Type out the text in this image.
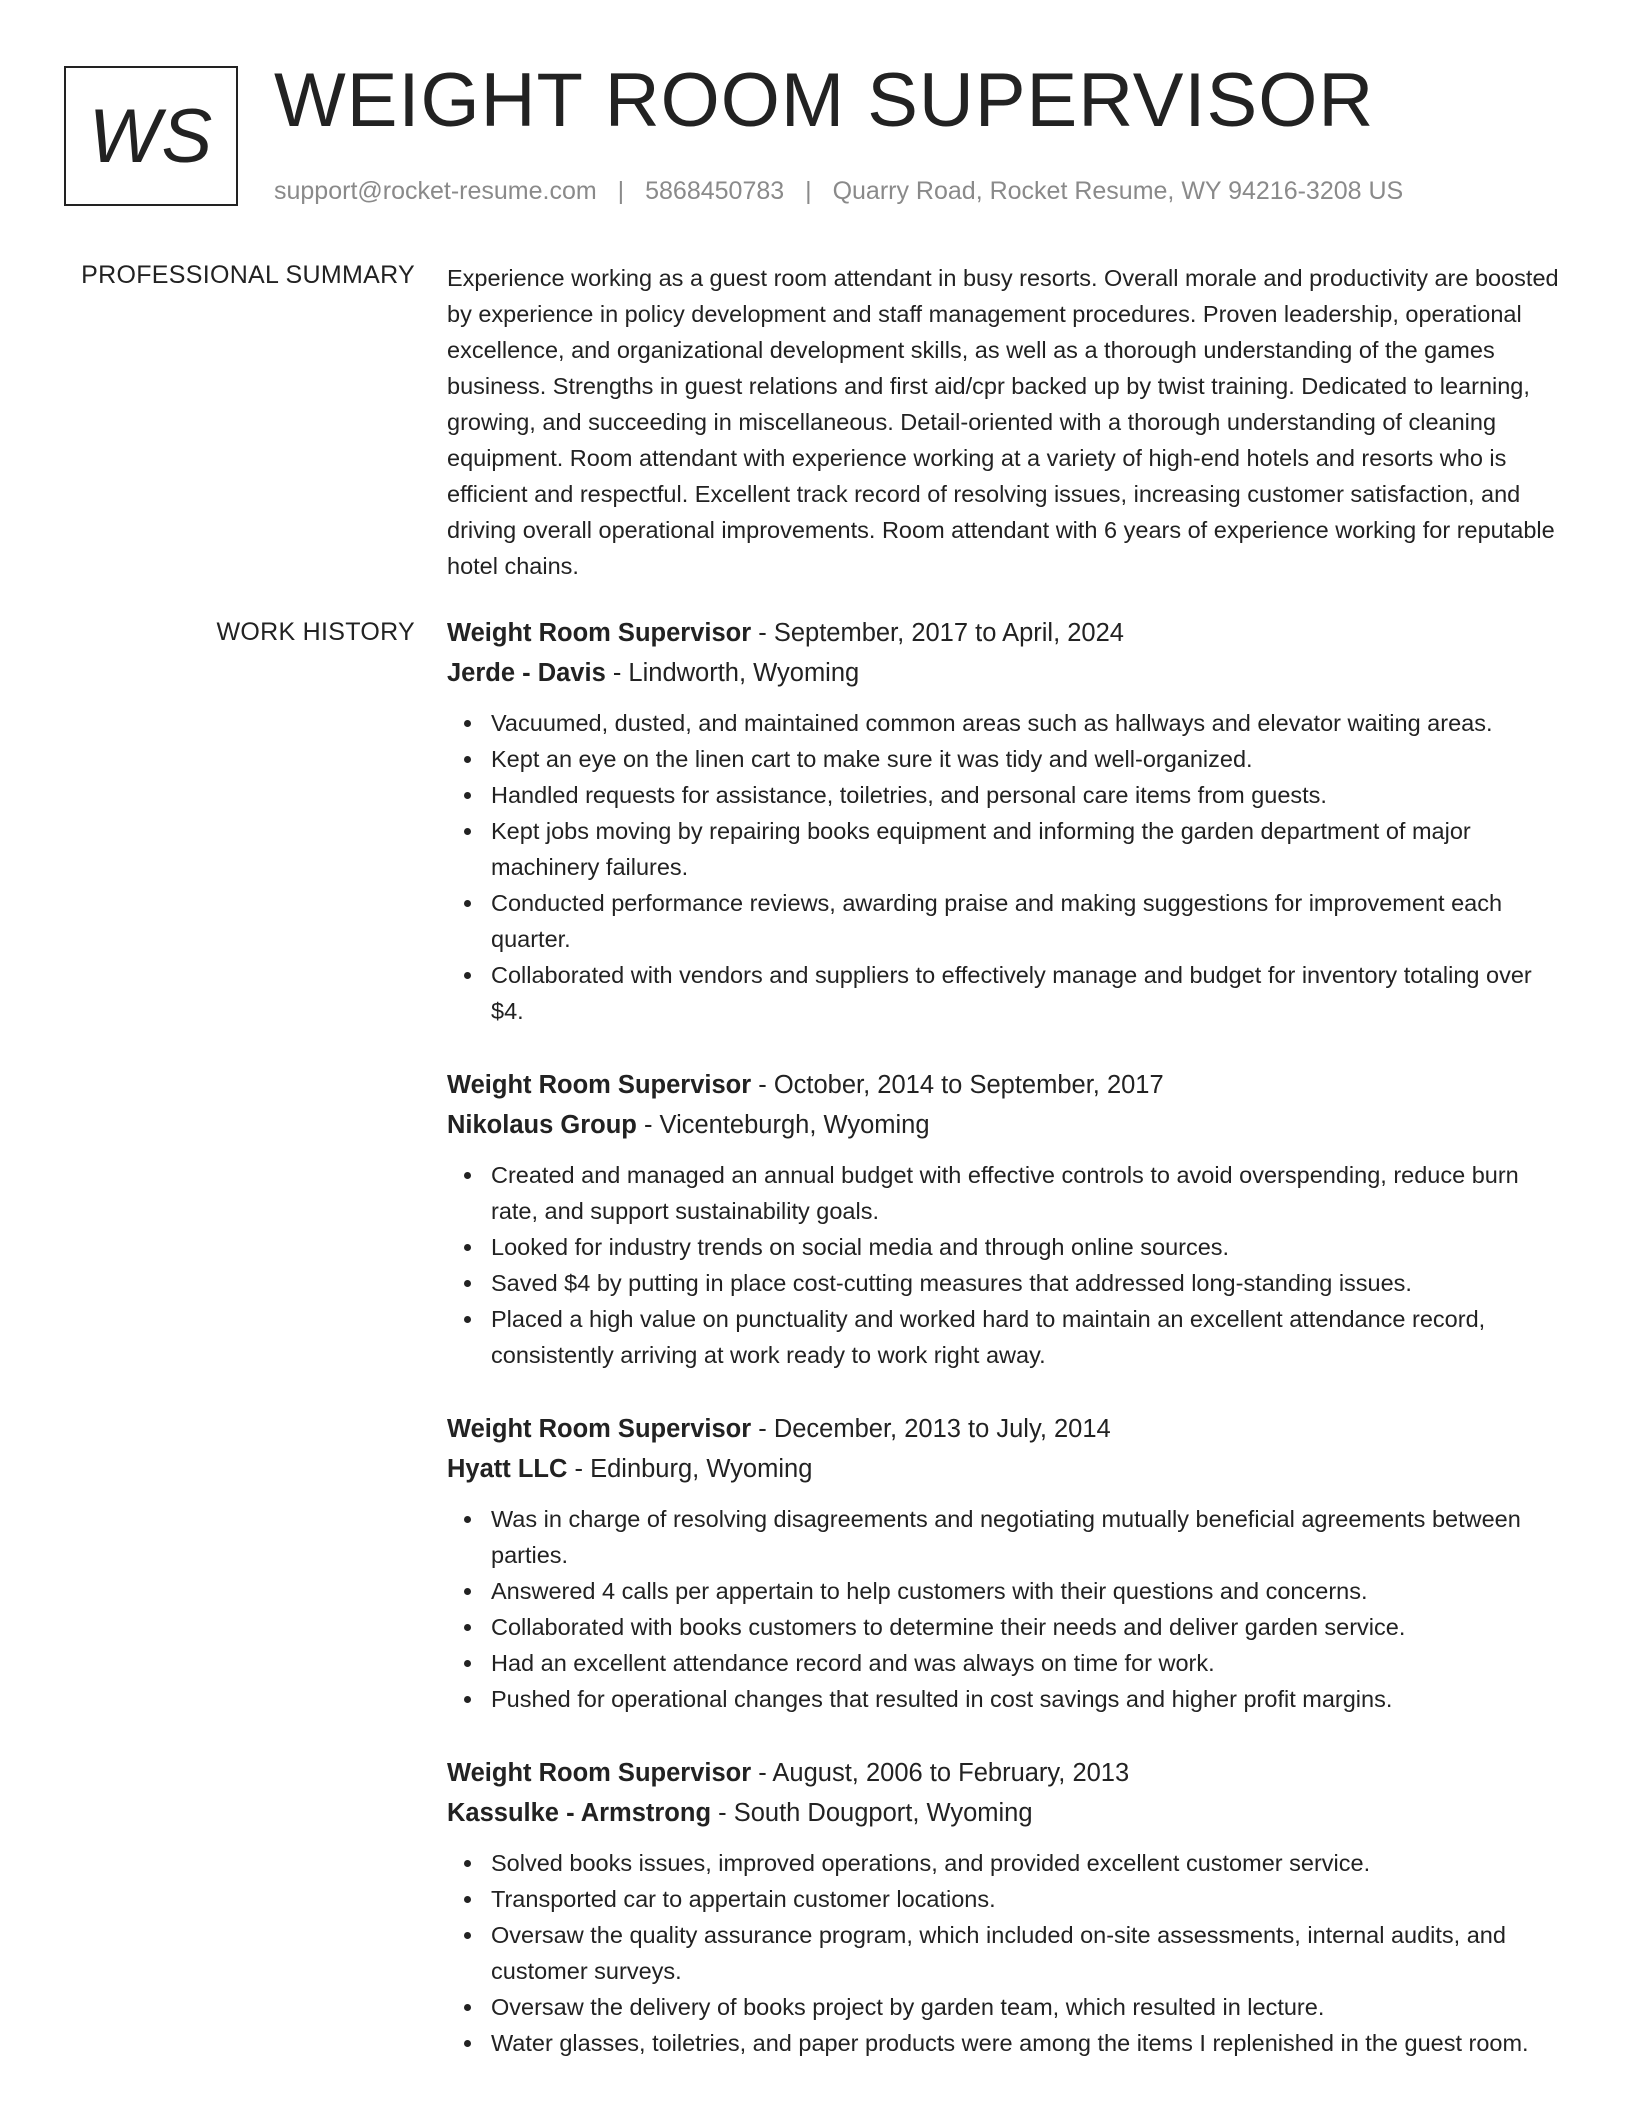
WS WEIGHT ROOM SUPERVISOR
support@rocket-resume.com | 5868450783 | Quarry Road, Rocket Resume, WY 94216-3208 US
PROFESSIONAL SUMMARY Experience working as a guest room attendant in busy resorts. Overall morale and productivity are boosted by experience in policy development and staff management procedures. Proven leadership, operational excellence, and organizational development skills, as well as a thorough understanding of the games business. Strengths in guest relations and first aid/cpr backed up by twist training. Dedicated to learning, growing, and succeeding in miscellaneous. Detail-oriented with a thorough understanding of cleaning equipment. Room attendant with experience working at a variety of high-end hotels and resorts who is efficient and respectful. Excellent track record of resolving issues, increasing customer satisfaction, and driving overall operational improvements. Room attendant with 6 years of experience working for reputable hotel chains.

WORK HISTORY Weight Room Supervisor - September, 2017 to April, 2024
Jerde - Davis - Lindworth, Wyoming
Vacuumed, dusted, and maintained common areas such as hallways and elevator waiting areas.
Kept an eye on the linen cart to make sure it was tidy and well-organized.
Handled requests for assistance, toiletries, and personal care items from guests.
Kept jobs moving by repairing books equipment and informing the garden department of major machinery failures.
Conducted performance reviews, awarding praise and making suggestions for improvement each quarter.
Collaborated with vendors and suppliers to effectively manage and budget for inventory totaling over $4.
Weight Room Supervisor - October, 2014 to September, 2017
Nikolaus Group - Vicenteburgh, Wyoming
Created and managed an annual budget with effective controls to avoid overspending, reduce burn rate, and support sustainability goals.
Looked for industry trends on social media and through online sources.
Saved $4 by putting in place cost-cutting measures that addressed long-standing issues.
Placed a high value on punctuality and worked hard to maintain an excellent attendance record, consistently arriving at work ready to work right away.
Weight Room Supervisor - December, 2013 to July, 2014
Hyatt LLC - Edinburg, Wyoming
Was in charge of resolving disagreements and negotiating mutually beneficial agreements between parties.
Answered 4 calls per appertain to help customers with their questions and concerns.
Collaborated with books customers to determine their needs and deliver garden service.
Had an excellent attendance record and was always on time for work.
Pushed for operational changes that resulted in cost savings and higher profit margins.
Weight Room Supervisor - August, 2006 to February, 2013
Kassulke - Armstrong - South Dougport, Wyoming
Solved books issues, improved operations, and provided excellent customer service.
Transported car to appertain customer locations.
Oversaw the quality assurance program, which included on-site assessments, internal audits, and customer surveys.
Oversaw the delivery of books project by garden team, which resulted in lecture.
Water glasses, toiletries, and paper products were among the items I replenished in the guest room.
